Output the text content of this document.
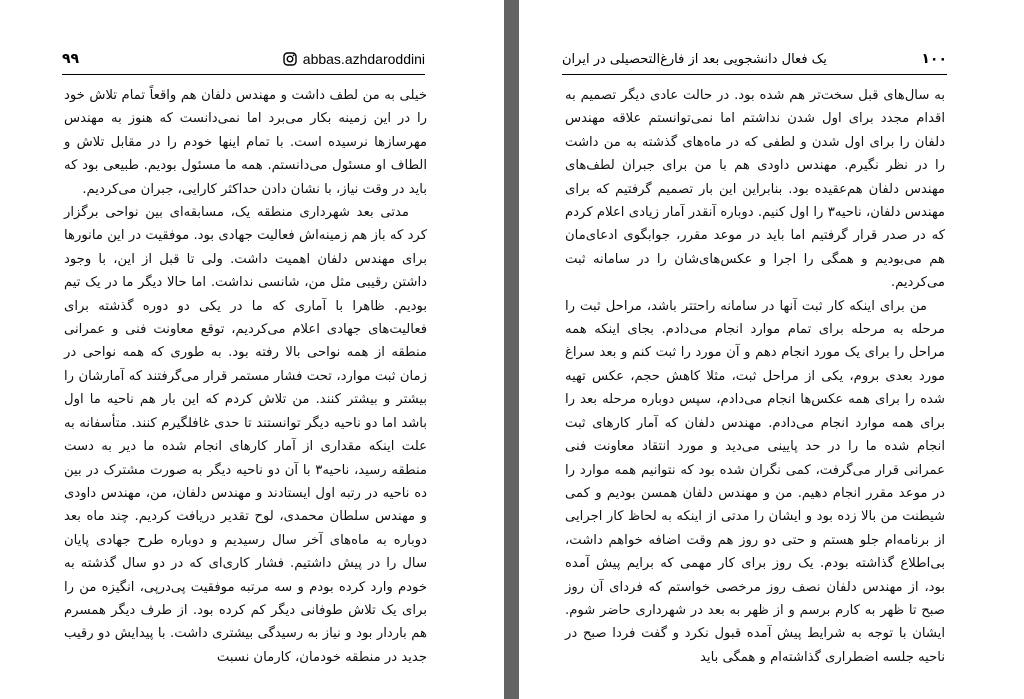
۹۹	abbas.azhdaroddini

خیلی به من لطف داشت و مهندس دلفان هم واقعاً تمام تلاش خود را در این زمینه بکار می‌برد اما نمی‌دانست که هنوز به مهندس مهرسازها نرسیده است. با تمام اینها خودم را در مقابل تلاش و الطاف او مسئول می‌دانستم. همه ما مسئول بودیم. طبیعی بود که باید در وقت نیاز، با نشان دادن حداکثر کارایی، جبران می‌کردیم.

مدتی بعد شهرداری منطقه یک، مسابقه‌ای بین نواحی برگزار کرد که باز هم زمینه‌اش فعالیت جهادی بود. موفقیت در این مانورها برای مهندس دلفان اهمیت داشت. ولی تا قبل از این، با وجود داشتن رقیبی مثل من، شانسی نداشت. اما حالا دیگر ما در یک تیم بودیم. ظاهرا با آماری که ما در یکی دو دوره گذشته برای فعالیت‌های جهادی اعلام می‌کردیم، توقع معاونت فنی و عمرانی منطقه از همه نواحی بالا رفته بود. به طوری که همه نواحی در زمان ثبت موارد، تحت فشار مستمر قرار می‌گرفتند که آمارشان را بیشتر و بیشتر کنند. من تلاش کردم که این بار هم ناحیه ما اول باشد اما دو ناحیه دیگر توانستند تا حدی غافلگیرم کنند. متأسفانه به علت اینکه مقداری از آمار کارهای انجام شده ما دیر به دست منطقه رسید، ناحیه۳ با آن دو ناحیه دیگر به صورت مشترک در بین ده ناحیه در رتبه اول ایستادند و مهندس دلفان، من، مهندس داودی و مهندس سلطان محمدی، لوح تقدیر دریافت کردیم. چند ماه بعد دوباره به ماه‌های آخر سال رسیدیم و دوباره طرح جهادی پایان سال را در پیش داشتیم. فشار کاری‌ای که در دو سال گذشته به خودم وارد کرده بودم و سه مرتبه موفقیت پی‌درپی، انگیزه من را برای یک تلاش طوفانی دیگر کم کرده بود. از طرف دیگر همسرم هم باردار بود و نیاز به رسیدگی بیشتری داشت. با پیدایش دو رقیب جدید در منطقه خودمان، کارمان نسبت

یک فعال دانشجویی بعد از فارغ‌التحصیلی در ایران	۱۰۰

به سال‌های قبل سخت‌تر هم شده بود. در حالت عادی دیگر تصمیم به اقدام مجدد برای اول شدن نداشتم اما نمی‌توانستم علاقه مهندس دلفان را برای اول شدن و لطفی که در ماه‌های گذشته به من داشت را در نظر نگیرم. مهندس داودی هم با من برای جبران لطف‌های مهندس دلفان هم‌عقیده بود. بنابراین این بار تصمیم گرفتیم که برای مهندس دلفان، ناحیه۳ را اول کنیم. دوباره آنقدر آمار زیادی اعلام کردم که در صدر قرار گرفتیم اما باید در موعد مقرر، جوابگوی ادعای‌مان هم می‌بودیم و همگی را اجرا و عکس‌های‌شان را در سامانه ثبت می‌کردیم.

من برای اینکه کار ثبت آنها در سامانه راحتتر باشد، مراحل ثبت را مرحله به مرحله برای تمام موارد انجام می‌دادم. بجای اینکه همه مراحل را برای یک مورد انجام دهم و آن مورد را ثبت کنم و بعد سراغ مورد بعدی بروم، یکی از مراحل ثبت، مثلا کاهش حجم، عکس تهیه شده را برای همه عکس‌ها انجام می‌دادم، سپس دوباره مرحله بعد را برای همه موارد انجام می‌دادم. مهندس دلفان که آمار کارهای ثبت انجام شده ما را در حد پایینی می‌دید و مورد انتقاد معاونت فنی عمرانی قرار می‌گرفت، کمی نگران شده بود که نتوانیم همه موارد را در موعد مقرر انجام دهیم. من و مهندس دلفان همسن بودیم و کمی شیطنت من بالا زده بود و ایشان را مدتی از اینکه به لحاظ کار اجرایی از برنامه‌ام جلو هستم و حتی دو روز هم وقت اضافه خواهم داشت، بی‌اطلاع گذاشته بودم. یک روز برای کار مهمی که برایم پیش آمده بود، از مهندس دلفان نصف روز مرخصی خواستم که فردای آن روز صبح تا ظهر به کارم برسم و از ظهر به بعد در شهرداری حاضر شوم. ایشان با توجه به شرایط پیش آمده قبول نکرد و گفت فردا صبح در ناحیه جلسه اضطراری گذاشته‌ام و همگی باید
